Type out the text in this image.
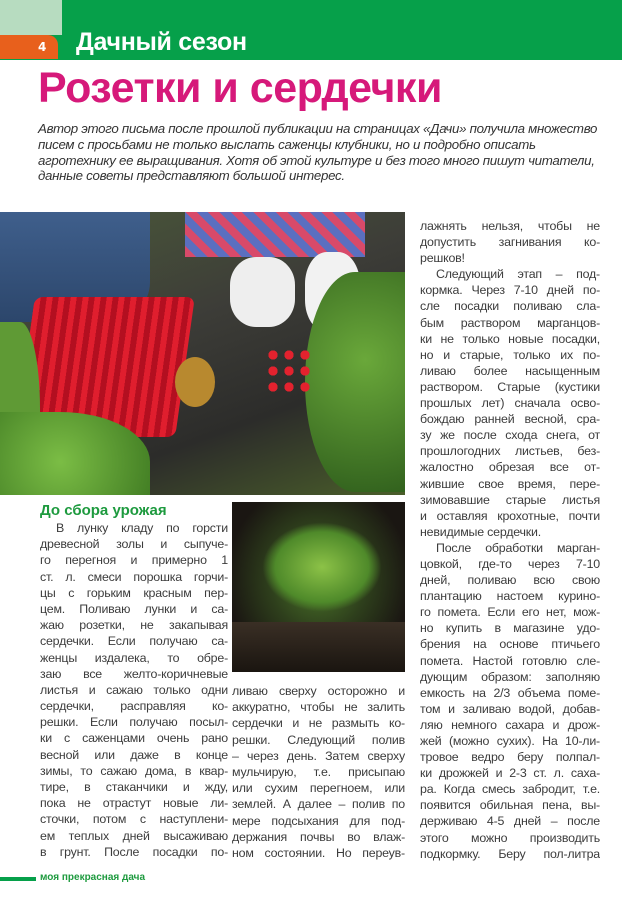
4	Дачный сезон
Розетки и сердечки

Автор этого письма после прошлой публикации на страницах «Дачи» получила множество писем с просьбами не только выслать саженцы клубники, но и подробно описать агротехнику ее выращивания. Хотя об этой культуре и без того много пишут читатели, данные советы представляют большой интерес.

До сбора урожая
В лунку кладу по горсти
древесной золы и сыпуче-
го перегноя и примерно 1
ст. л. смеси порошка горчи-
цы с горьким красным пер-
цем. Поливаю лунки и са-
жаю розетки, не закапывая
сердечки. Если получаю са-
женцы издалека, то обре-
заю все желто-коричневые
листья и сажаю только одни
сердечки, расправляя ко-
решки. Если получаю посыл-
ки с саженцами очень рано
весной или даже в конце
зимы, то сажаю дома, в квар-
тире, в стаканчики и жду,
пока не отрастут новые ли-
сточки, потом с наступлени-
ем теплых дней высаживаю
в грунт. После посадки по-
ливаю сверху осторожно и
аккуратно, чтобы не залить
сердечки и не размыть ко-
решки. Следующий полив
– через день. Затем сверху
мульчирую, т.е. присыпаю
или сухим перегноем, или
землей. А далее – полив по
мере подсыхания для под-
держания почвы во влаж-
ном состоянии. Но переув-
лажнять нельзя, чтобы не
допустить загнивания ко-
решков!
Следующий этап – под-
кормка. Через 7-10 дней по-
сле посадки поливаю сла-
бым раствором марганцов-
ки не только новые посадки,
но и старые, только их по-
ливаю более насыщенным
раствором. Старые (кустики
прошлых лет) сначала осво-
бождаю ранней весной, сра-
зу же после схода снега, от
прошлогодних листьев, без-
жалостно обрезая все от-
жившие свое время, пере-
зимовавшие старые листья
и оставляя крохотные, почти
невидимые сердечки.
После обработки марган-
цовкой, где-то через 7-10
дней, поливаю всю свою
плантацию настоем курино-
го помета. Если его нет, мож-
но купить в магазине удо-
брения на основе птичьего
помета. Настой готовлю сле-
дующим образом: заполняю
емкость на 2/3 объема поме-
том и заливаю водой, добав-
ляю немного сахара и дрож-
жей (можно сухих). На 10-ли-
тровое ведро беру полпал-
ки дрожжей и 2-3 ст. л. саха-
ра. Когда смесь забродит, т.е.
появится обильная пена, вы-
держиваю 4-5 дней – после
этого можно производить
подкормку. Беру пол-литра
моя прекрасная дача
